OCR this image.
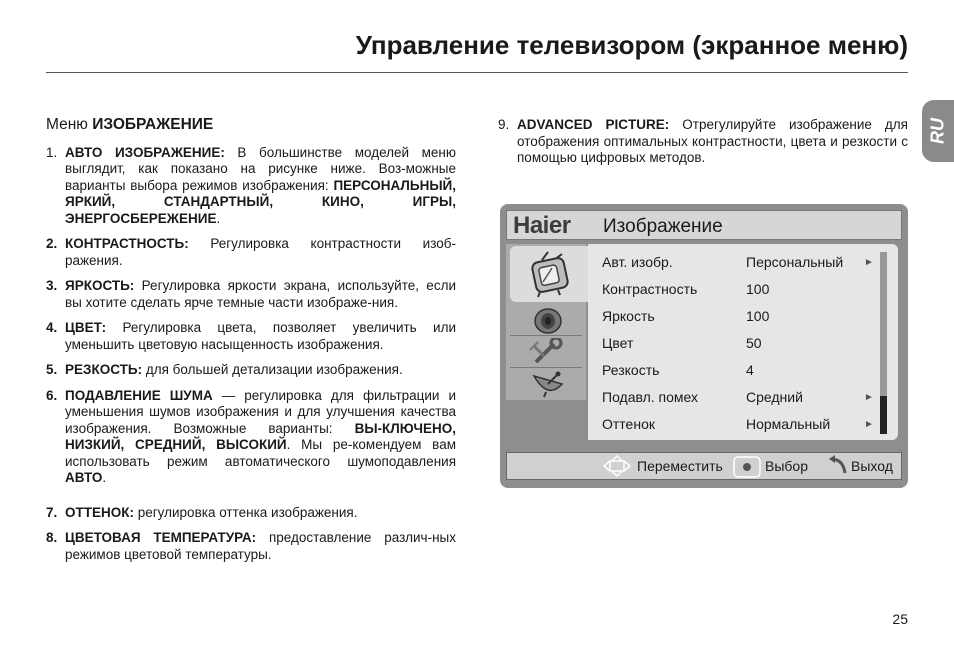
Управление телевизором (экранное меню)
RU
Меню ИЗОБРАЖЕНИЕ
1. АВТО ИЗОБРАЖЕНИЕ: В большинстве моделей меню выглядит, как показано на рисунке ниже. Воз-можные варианты выбора режимов изображения: ПЕРСОНАЛЬНЫЙ, ЯРКИЙ, СТАНДАРТНЫЙ, КИНО, ИГРЫ, ЭНЕРГОСБЕРЕЖЕНИЕ.
2. КОНТРАСТНОСТЬ: Регулировка контрастности изоб-ражения.
3. ЯРКОСТЬ: Регулировка яркости экрана, используйте, если вы хотите сделать ярче темные части изображе-ния.
4. ЦВЕТ: Регулировка цвета, позволяет увеличить или уменьшить цветовую насыщенность изображения.
5. РЕЗКОСТЬ: для большей детализации изображения.
6. ПОДАВЛЕНИЕ ШУМА — регулировка для фильтрации и уменьшения шумов изображения и для улучшения качества изображения. Возможные варианты: ВЫ-КЛЮЧЕНО, НИЗКИЙ, СРЕДНИЙ, ВЫСОКИЙ. Мы ре-комендуем вам использовать режим автоматического шумоподавления АВТО.
7. ОТТЕНОК: регулировка оттенка изображения.
8. ЦВЕТОВАЯ ТЕМПЕРАТУРА: предоставление различ-ных режимов цветовой температуры.
9. ADVANCED PICTURE: Отрегулируйте изображение для отображения оптимальных контрастности, цвета и резкости с помощью цифровых методов.
Haier Изображение
Авт. изобр.	Персональный ►
Контрастность	100
Яркость	100
Цвет	50
Резкость	4
Подавл. помех	Средний	►
Оттенок	Нормальный	►
Переместить	Выбор	Выход
25
